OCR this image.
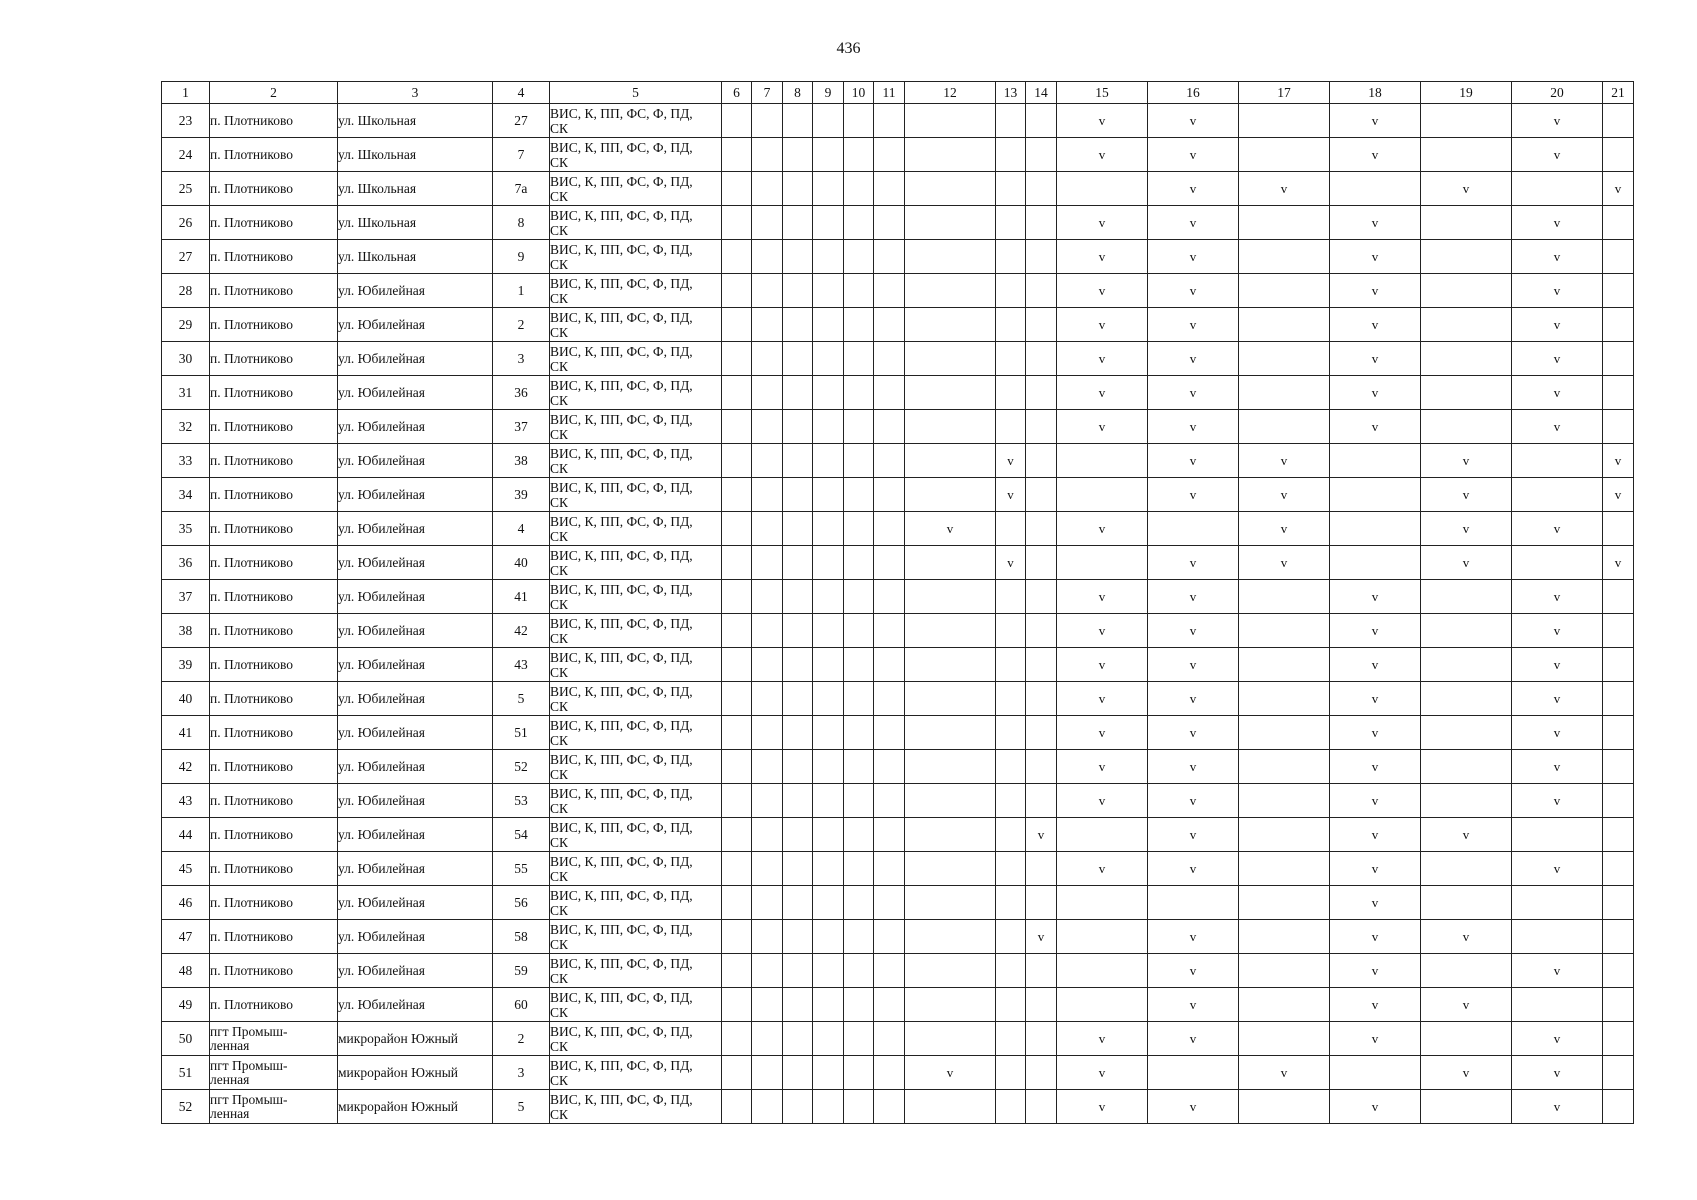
436
1	2	3	4	5	6	7	8	9	10	11	12	13	14	15	16	17	18	19	20	21
23	п. Плотниково	ул. Школьная	27	ВИС, К, ПП, ФС, Ф, ПД,
СК										v	v		v		v	
24	п. Плотниково	ул. Школьная	7	ВИС, К, ПП, ФС, Ф, ПД,
СК										v	v		v		v	
25	п. Плотниково	ул. Школьная	7а	ВИС, К, ПП, ФС, Ф, ПД,
СК											v	v		v		v
26	п. Плотниково	ул. Школьная	8	ВИС, К, ПП, ФС, Ф, ПД,
СК										v	v		v		v	
27	п. Плотниково	ул. Школьная	9	ВИС, К, ПП, ФС, Ф, ПД,
СК										v	v		v		v	
28	п. Плотниково	ул. Юбилейная	1	ВИС, К, ПП, ФС, Ф, ПД,
СК										v	v		v		v	
29	п. Плотниково	ул. Юбилейная	2	ВИС, К, ПП, ФС, Ф, ПД,
СК										v	v		v		v	
30	п. Плотниково	ул. Юбилейная	3	ВИС, К, ПП, ФС, Ф, ПД,
СК										v	v		v		v	
31	п. Плотниково	ул. Юбилейная	36	ВИС, К, ПП, ФС, Ф, ПД,
СК										v	v		v		v	
32	п. Плотниково	ул. Юбилейная	37	ВИС, К, ПП, ФС, Ф, ПД,
СК										v	v		v		v	
33	п. Плотниково	ул. Юбилейная	38	ВИС, К, ПП, ФС, Ф, ПД,
СК								v			v	v		v		v
34	п. Плотниково	ул. Юбилейная	39	ВИС, К, ПП, ФС, Ф, ПД,
СК								v			v	v		v		v
35	п. Плотниково	ул. Юбилейная	4	ВИС, К, ПП, ФС, Ф, ПД,
СК							v			v		v		v	v	
36	п. Плотниково	ул. Юбилейная	40	ВИС, К, ПП, ФС, Ф, ПД,
СК								v			v	v		v		v
37	п. Плотниково	ул. Юбилейная	41	ВИС, К, ПП, ФС, Ф, ПД,
СК										v	v		v		v	
38	п. Плотниково	ул. Юбилейная	42	ВИС, К, ПП, ФС, Ф, ПД,
СК										v	v		v		v	
39	п. Плотниково	ул. Юбилейная	43	ВИС, К, ПП, ФС, Ф, ПД,
СК										v	v		v		v	
40	п. Плотниково	ул. Юбилейная	5	ВИС, К, ПП, ФС, Ф, ПД,
СК										v	v		v		v	
41	п. Плотниково	ул. Юбилейная	51	ВИС, К, ПП, ФС, Ф, ПД,
СК										v	v		v		v	
42	п. Плотниково	ул. Юбилейная	52	ВИС, К, ПП, ФС, Ф, ПД,
СК										v	v		v		v	
43	п. Плотниково	ул. Юбилейная	53	ВИС, К, ПП, ФС, Ф, ПД,
СК										v	v		v		v	
44	п. Плотниково	ул. Юбилейная	54	ВИС, К, ПП, ФС, Ф, ПД,
СК									v		v		v	v		
45	п. Плотниково	ул. Юбилейная	55	ВИС, К, ПП, ФС, Ф, ПД,
СК										v	v		v		v	
46	п. Плотниково	ул. Юбилейная	56	ВИС, К, ПП, ФС, Ф, ПД,
СК													v			
47	п. Плотниково	ул. Юбилейная	58	ВИС, К, ПП, ФС, Ф, ПД,
СК									v		v		v	v		
48	п. Плотниково	ул. Юбилейная	59	ВИС, К, ПП, ФС, Ф, ПД,
СК											v		v		v	
49	п. Плотниково	ул. Юбилейная	60	ВИС, К, ПП, ФС, Ф, ПД,
СК											v		v	v		
50	пгт Промыш-
ленная	микрорайон Южный	2	ВИС, К, ПП, ФС, Ф, ПД,
СК										v	v		v		v	
51	пгт Промыш-
ленная	микрорайон Южный	3	ВИС, К, ПП, ФС, Ф, ПД,
СК							v			v		v		v	v	
52	пгт Промыш-
ленная	микрорайон Южный	5	ВИС, К, ПП, ФС, Ф, ПД,
СК										v	v		v		v	
